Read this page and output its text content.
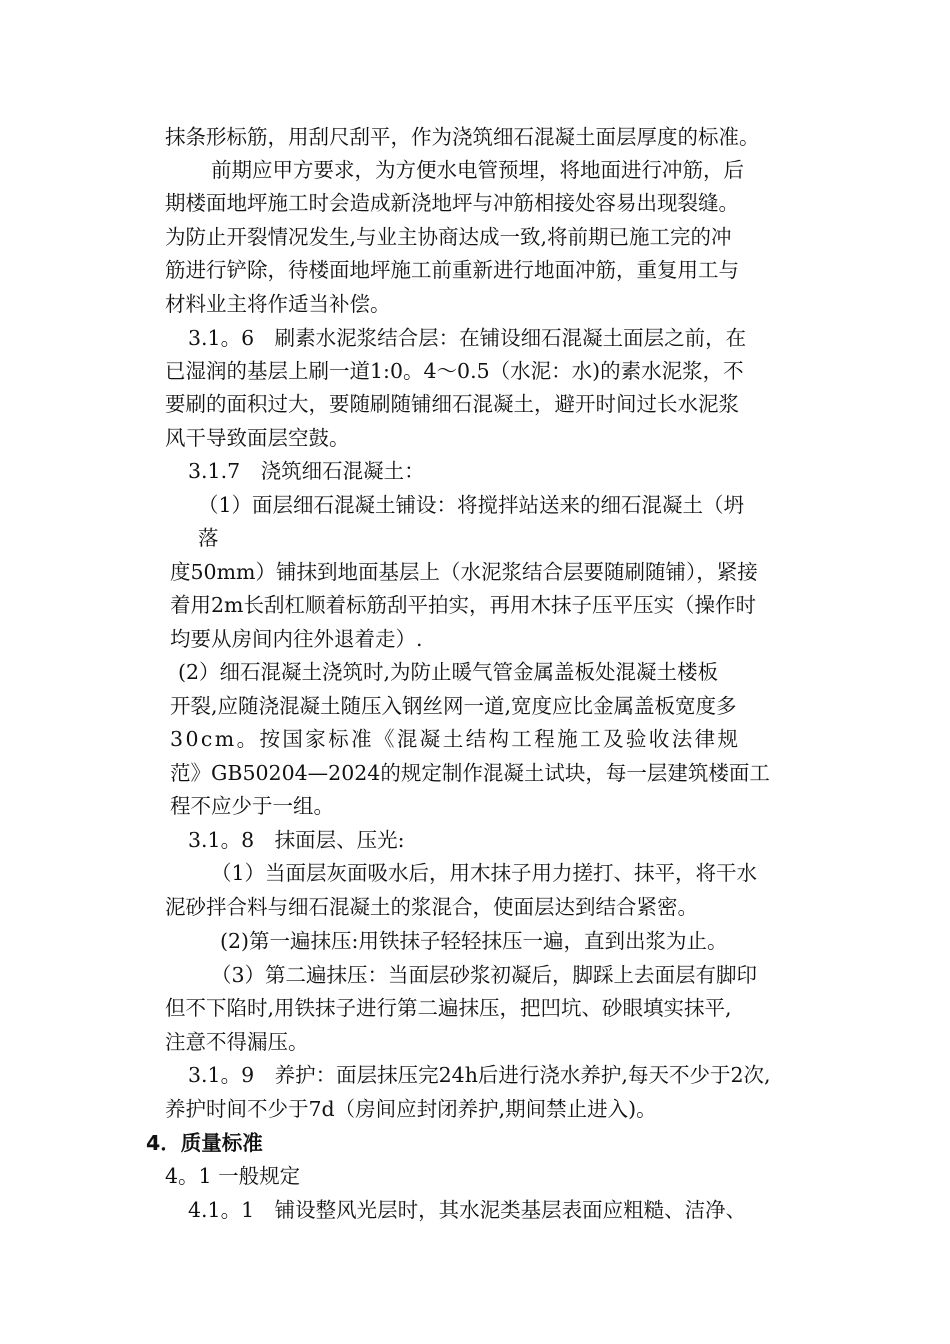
抹条形标筋，用刮尺刮平，作为浇筑细石混凝土面层厚度的标准。

前期应甲方要求，为方便水电管预埋，将地面进行冲筋，后

期楼面地坪施工时会造成新浇地坪与冲筋相接处容易出现裂缝。

为防止开裂情况发生,与业主协商达成一致,将前期已施工完的冲

筋进行铲除，待楼面地坪施工前重新进行地面冲筋，重复用工与

材料业主将作适当补偿。

3.1。6　刷素水泥浆结合层：在铺设细石混凝土面层之前，在

已湿润的基层上刷一道1:0。4～0.5（水泥：水)的素水泥浆，不

要刷的面积过大，要随刷随铺细石混凝土，避开时间过长水泥浆

风干导致面层空鼓。

3.1.7　浇筑细石混凝土：

（1）面层细石混凝土铺设：将搅拌站送来的细石混凝土（坍

落

度50mm）铺抹到地面基层上（水泥浆结合层要随刷随铺），紧接

着用2m长刮杠顺着标筋刮平拍实，再用木抹子压平压实（操作时

均要从房间内往外退着走）.

(2）细石混凝土浇筑时,为防止暖气管金属盖板处混凝土楼板

开裂,应随浇混凝土随压入钢丝网一道,宽度应比金属盖板宽度多

30cm。按国家标准《混凝土结构工程施工及验收法律规

范》GB50204—2024的规定制作混凝土试块，每一层建筑楼面工

程不应少于一组。

3.1。8　抹面层、压光:

（1）当面层灰面吸水后，用木抹子用力搓打、抹平，将干水

泥砂拌合料与细石混凝土的浆混合，使面层达到结合紧密。

(2)第一遍抹压:用铁抹子轻轻抹压一遍，直到出浆为止。

（3）第二遍抹压：当面层砂浆初凝后，脚踩上去面层有脚印

但不下陷时,用铁抹子进行第二遍抹压，把凹坑、砂眼填实抹平,

注意不得漏压。

3.1。9　养护：面层抹压完24h后进行浇水养护,每天不少于2次,

养护时间不少于7d（房间应封闭养护,期间禁止进入)。

4．质量标准

4。1 一般规定

4.1。1　铺设整风光层时，其水泥类基层表面应粗糙、洁净、
